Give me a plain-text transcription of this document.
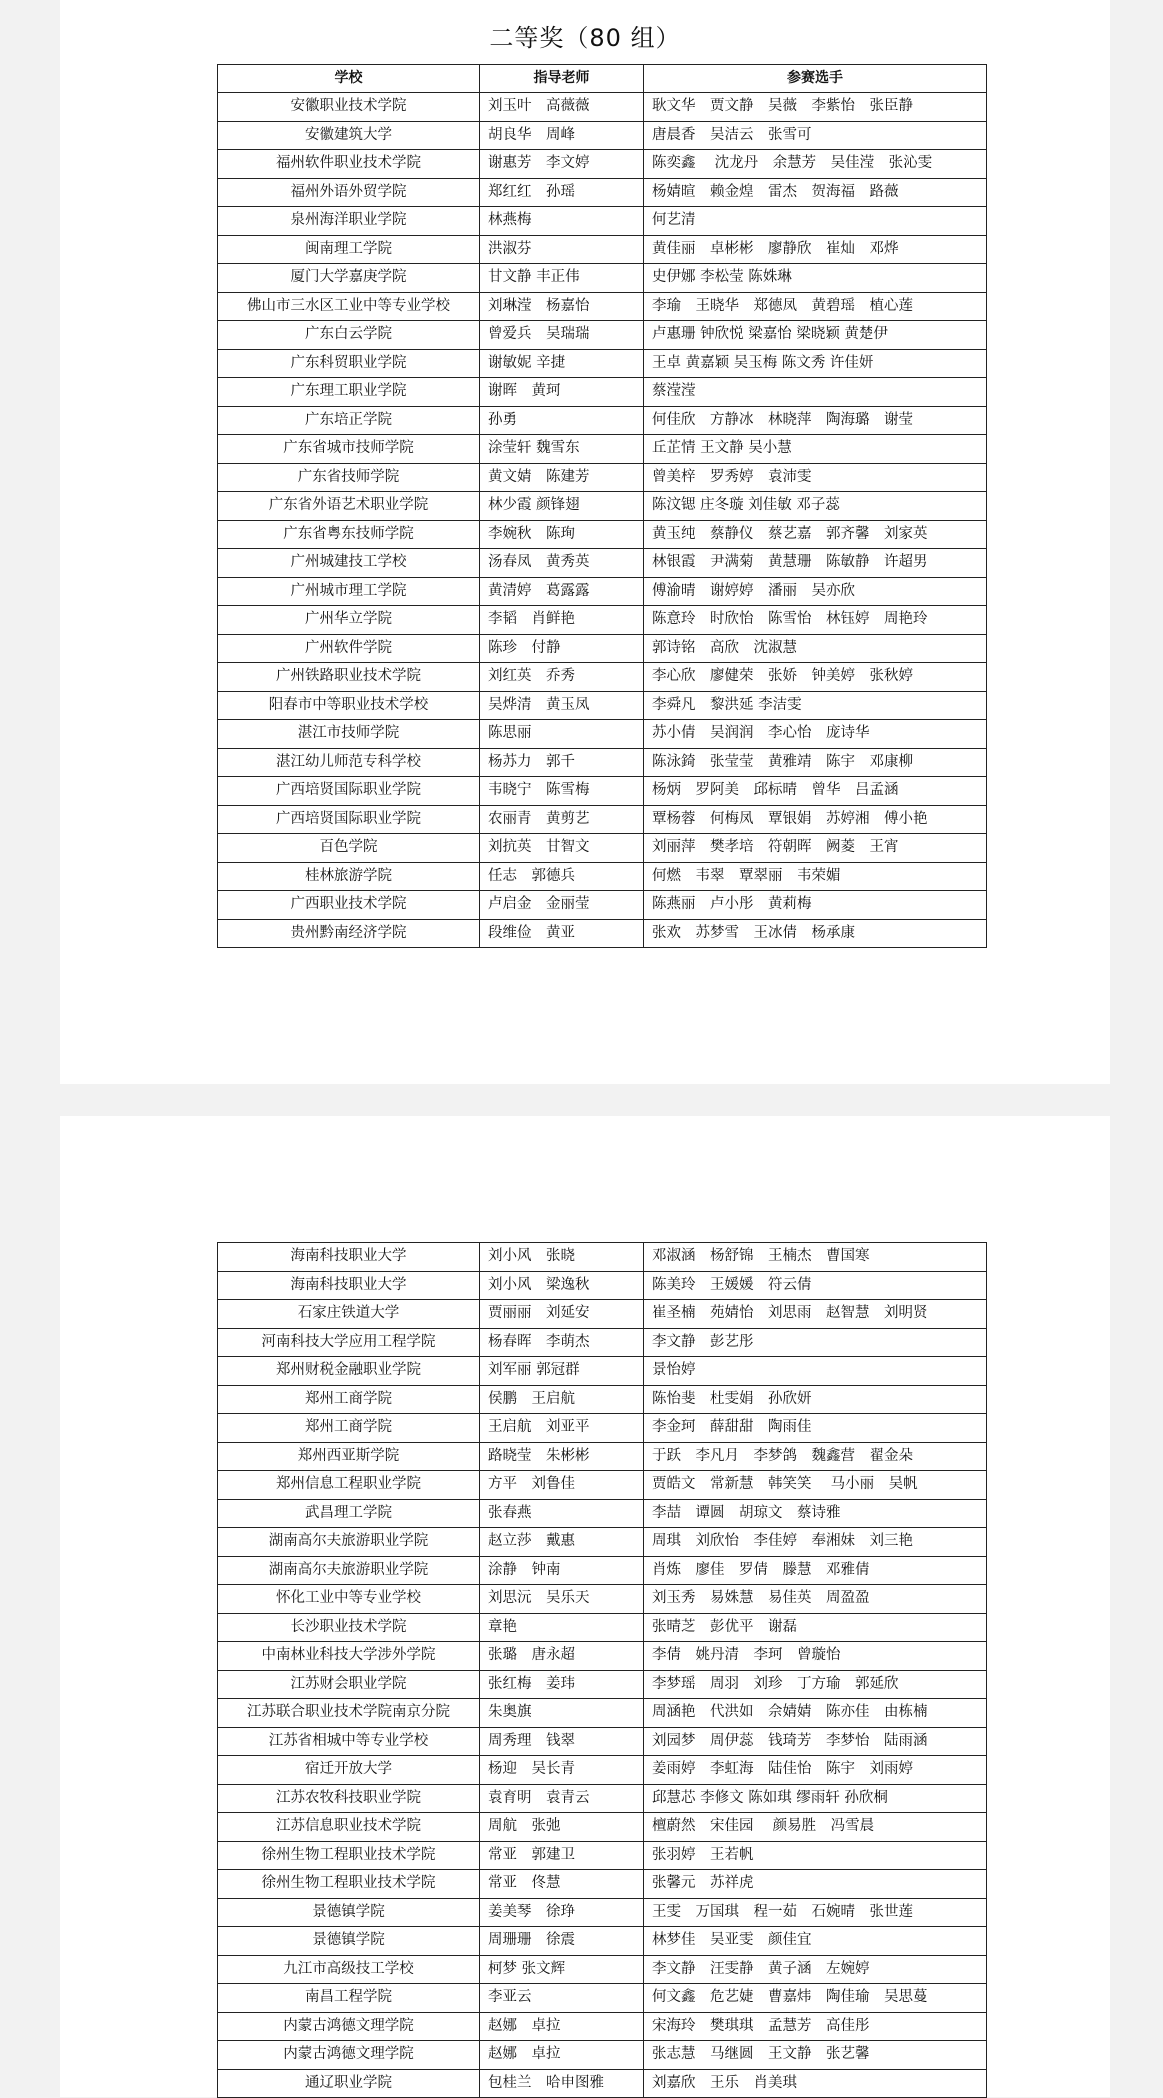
二等奖（80 组）
学校	指导老师	参赛选手
安徽职业技术学院	刘玉叶　高薇薇	耿文华　贾文静　吴薇　李紫怡　张臣静
安徽建筑大学	胡良华　周峰	唐晨香　吴洁云　张雪可
福州软件职业技术学院	谢惠芳　李文婷	陈奕鑫　 沈龙丹　余慧芳　吴佳滢　张沁雯
福州外语外贸学院	郑红红　孙瑶	杨婧暄　赖金煌　雷杰　贺海福　路薇
泉州海洋职业学院	林燕梅	何艺清
闽南理工学院	洪淑芬	黄佳丽　卓彬彬　廖静欣　崔灿　邓烨
厦门大学嘉庚学院	甘文静 丰正伟	史伊娜 李松莹 陈姝琳
佛山市三水区工业中等专业学校	刘琳滢　杨嘉怡	李瑜　王晓华　郑德凤　黄碧瑶　植心莲
广东白云学院	曾爱兵　吴瑞瑞	卢惠珊 钟欣悦 梁嘉怡 梁晓颖 黄楚伊
广东科贸职业学院	谢敏妮 辛捷	王卓 黄嘉颖 吴玉梅 陈文秀 许佳妍
广东理工职业学院	谢晖　黄珂	蔡滢滢
广东培正学院	孙勇	何佳欣　方静冰　林晓萍　陶海璐　谢莹
广东省城市技师学院	涂莹轩 魏雪东	丘芷情 王文静 吴小慧
广东省技师学院	黄文婧　陈建芳	曾美梓　罗秀婷　袁沛雯
广东省外语艺术职业学院	林少霞 颜锋翅	陈汶锶 庄冬璇 刘佳敏 邓子蕊
广东省粤东技师学院	李婉秋　陈珣	黄玉纯　蔡静仪　蔡艺嘉　郭齐馨　刘家英
广州城建技工学校	汤春凤　黄秀英	林银霞　尹满菊　黄慧珊　陈敏静　许超男
广州城市理工学院	黄清婷　葛露露	傅渝晴　谢婷婷　潘丽　吴亦欣
广州华立学院	李韬　肖鲜艳	陈意玲　时欣怡　陈雪怡　林钰婷　周艳玲
广州软件学院	陈珍　付静	郭诗铭　高欣　沈淑慧
广州铁路职业技术学院	刘红英　乔秀	李心欣　廖健荣　张娇　钟美婷　张秋婷
阳春市中等职业技术学校	吴烨清　黄玉凤	李舜凡　黎洪延 李洁雯
湛江市技师学院	陈思丽	苏小倩　吴润润　李心怡　庞诗华
湛江幼儿师范专科学校	杨苏力　郭千	陈泳錡　张莹莹　黄雅靖　陈宇　邓康柳
广西培贤国际职业学院	韦晓宁　陈雪梅	杨炳　罗阿美　邱标晴　曾华　吕孟涵
广西培贤国际职业学院	农丽青　黄剪艺	覃杨蓉　何梅凤　覃银娟　苏婷湘　傅小艳
百色学院	刘抗英　甘智文	刘丽萍　樊孝培　符朝晖　阙菱　王宵
桂林旅游学院	任志　郭德兵	何燃　韦翠　覃翠丽　韦荣媚
广西职业技术学院	卢启金　金丽莹	陈燕丽　卢小彤　黄莉梅
贵州黔南经济学院	段维俭　黄亚	张欢　苏梦雪　王冰倩　杨承康
海南科技职业大学	刘小风　张晓	邓淑涵　杨舒锦　王楠杰　曹国寒
海南科技职业大学	刘小风　梁逸秋	陈美玲　王媛媛　符云倩
石家庄铁道大学	贾丽丽　刘延安	崔圣楠　苑婧怡　刘思雨　赵智慧　刘明贤
河南科技大学应用工程学院	杨春晖　李萌杰	李文静　彭艺彤
郑州财税金融职业学院	刘军丽 郭冠群	景怡婷
郑州工商学院	侯鹏　王启航	陈怡斐　杜雯娟　孙欣妍
郑州工商学院	王启航　刘亚平	李金珂　薛甜甜　陶雨佳
郑州西亚斯学院	路晓莹　朱彬彬	于跃　李凡月　李梦鸽　魏鑫营　翟金朵
郑州信息工程职业学院	方平　刘鲁佳	贾皓文　常新慧　韩笑笑　 马小丽　吴帆
武昌理工学院	张春燕	李喆　谭圆　胡琼文　蔡诗雅
湖南高尔夫旅游职业学院	赵立莎　戴惠	周琪　刘欣怡　李佳婷　奉湘妹　刘三艳
湖南高尔夫旅游职业学院	涂静　钟南	肖炼　廖佳　罗倩　滕慧　邓雅倩
怀化工业中等专业学校	刘思沅　吴乐天	刘玉秀　易姝慧　易佳英　周盈盈
长沙职业技术学院	章艳	张晴芝　彭优平　谢磊
中南林业科技大学涉外学院	张璐　唐永超	李倩　姚丹清　李珂　曾璇怡
江苏财会职业学院	张红梅　姜玮	李梦瑶　周羽　刘珍　丁方瑜　郭延欣
江苏联合职业技术学院南京分院	朱奥旗	周涵艳　代洪如　佘婧婧　陈亦佳　由栋楠
江苏省相城中等专业学校	周秀理　钱翠	刘园梦　周伊蕊　钱琦芳　李梦怡　陆雨涵
宿迁开放大学	杨迎　吴长青	姜雨婷　李虹海　陆佳怡　陈宇　刘雨婷
江苏农牧科技职业学院	袁育明　袁青云	邱慧芯 李修文 陈如琪 缪雨轩 孙欣桐
江苏信息职业技术学院	周航　张弛	檀蔚然　宋佳园　 颜易胜　冯雪晨
徐州生物工程职业技术学院	常亚　郭建卫	张羽婷　王若帆
徐州生物工程职业技术学院	常亚　佟慧	张馨元　苏祥虎
景德镇学院	姜美琴　徐琤	王雯　万国琪　程一茹　石婉晴　张世莲
景德镇学院	周珊珊　徐震	林梦佳　吴亚雯　颜佳宜
九江市高级技工学校	柯梦 张文辉	李文静　汪雯静　黄子涵　左婉婷
南昌工程学院	李亚云	何文鑫　危艺婕　曹嘉炜　陶佳瑜　吴思蔓
内蒙古鸿德文理学院	赵娜　卓拉	宋海玲　樊琪琪　孟慧芳　高佳彤
内蒙古鸿德文理学院	赵娜　卓拉	张志慧　马继圆　王文静　张艺馨
通辽职业学院	包桂兰　哈申图雅	刘嘉欣　王乐　肖美琪
